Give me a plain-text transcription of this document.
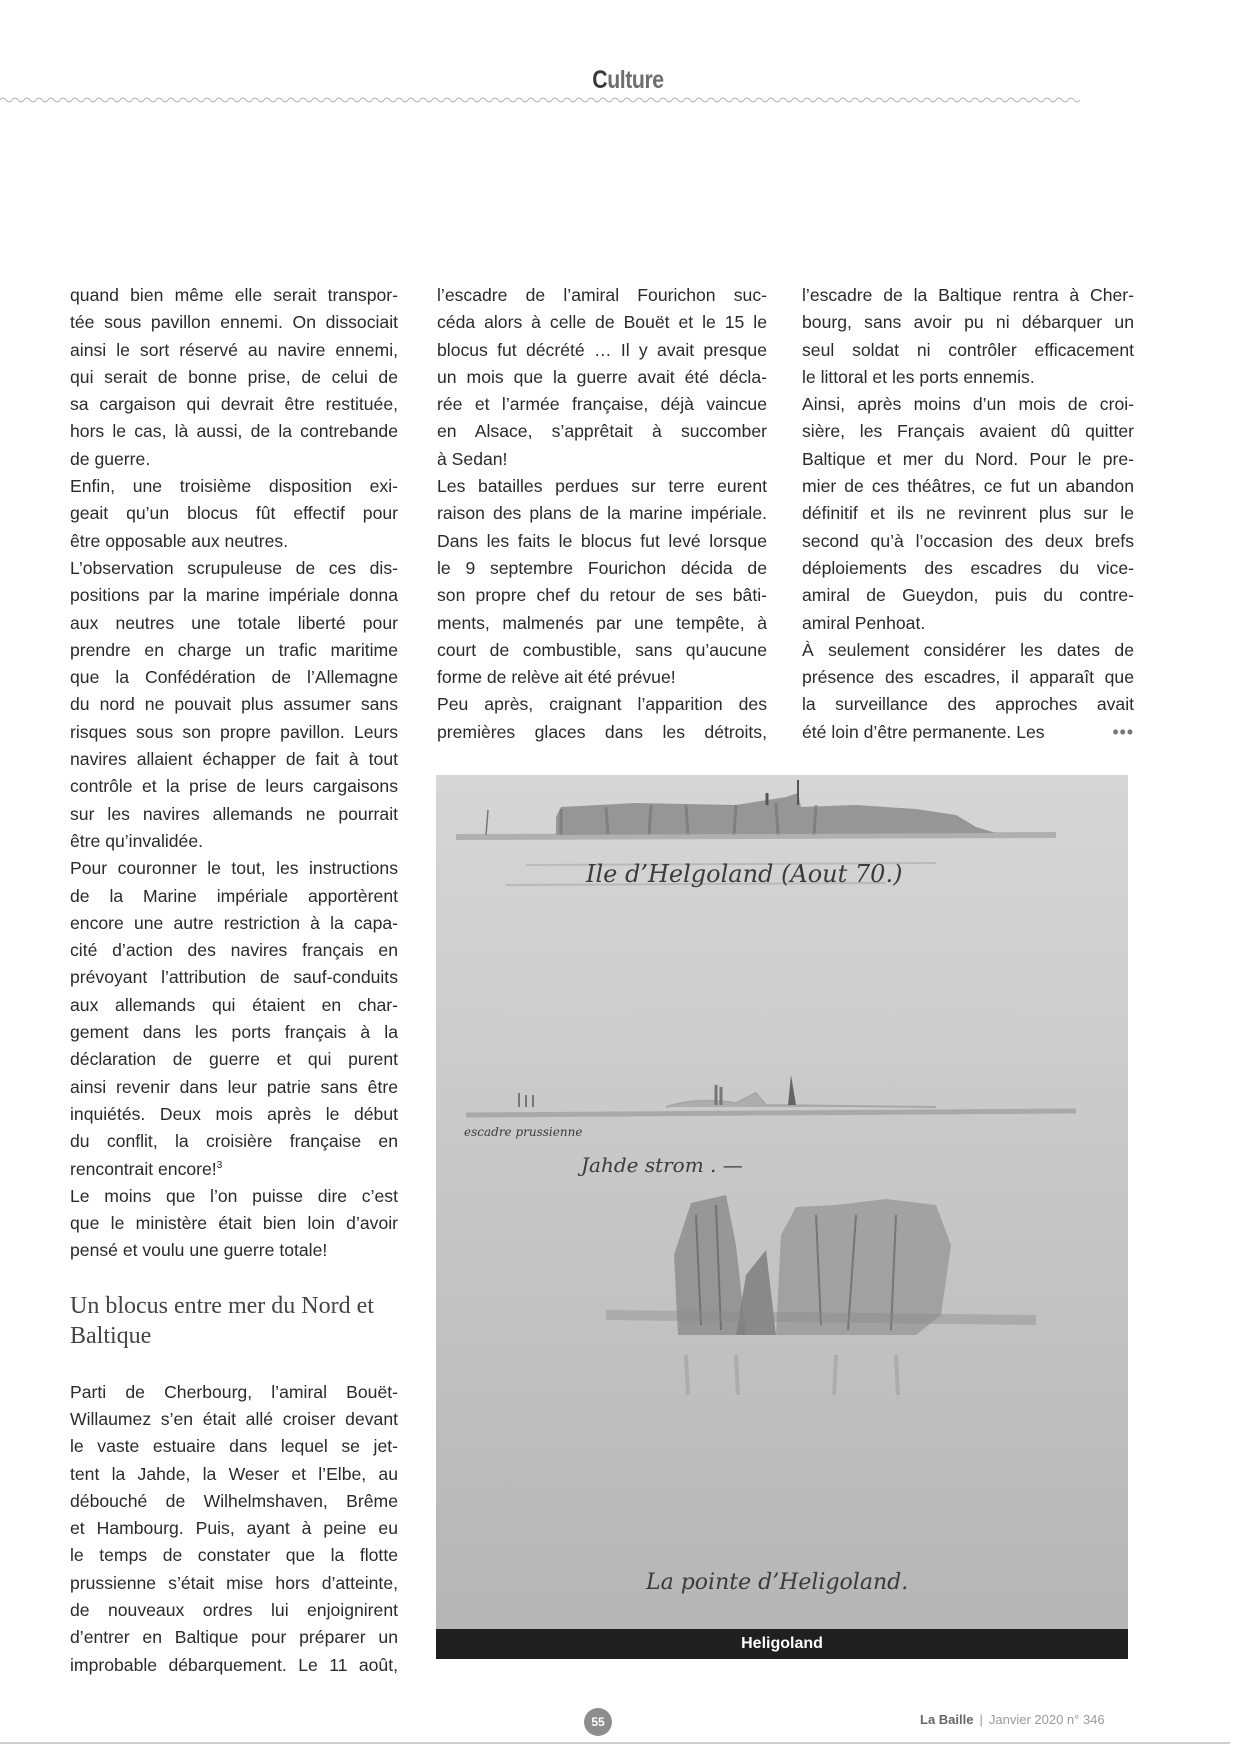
Culture

quand bien même elle serait transpor-
tée sous pavillon ennemi. On dissociait
ainsi le sort réservé au navire ennemi,
qui serait de bonne prise, de celui de
sa cargaison qui devrait être restituée,
hors le cas, là aussi, de la contrebande
de guerre.

Enfin, une troisième disposition exi-
geait qu’un blocus fût effectif pour
être opposable aux neutres.

L’observation scrupuleuse de ces dis-
positions par la marine impériale donna
aux neutres une totale liberté pour
prendre en charge un trafic maritime
que la Confédération de l’Allemagne
du nord ne pouvait plus assumer sans
risques sous son propre pavillon. Leurs
navires allaient échapper de fait à tout
contrôle et la prise de leurs cargaisons
sur les navires allemands ne pourrait
être qu’invalidée.

Pour couronner le tout, les instructions
de la Marine impériale apportèrent
encore une autre restriction à la capa-
cité d’action des navires français en
prévoyant l’attribution de sauf-conduits
aux allemands qui étaient en char-
gement dans les ports français à la
déclaration de guerre et qui purent
ainsi revenir dans leur patrie sans être
inquiétés. Deux mois après le début
du conflit, la croisière française en
rencontrait encore!$^3$

Le moins que l’on puisse dire c’est
que le ministère était bien loin d’avoir
pensé et voulu une guerre totale!

Un blocus entre mer du Nord et Baltique

Parti de Cherbourg, l’amiral Bouët-
Willaumez s’en était allé croiser devant
le vaste estuaire dans lequel se jet-
tent la Jahde, la Weser et l’Elbe, au
débouché de Wilhelmshaven, Brême
et Hambourg. Puis, ayant à peine eu
le temps de constater que la flotte
prussienne s’était mise hors d’atteinte,
de nouveaux ordres lui enjoignirent
d’entrer en Baltique pour préparer un
improbable débarquement. Le 11 août,

l’escadre de l’amiral Fourichon suc-
céda alors à celle de Bouët et le 15 le
blocus fut décrété … Il y avait presque
un mois que la guerre avait été décla-
rée et l’armée française, déjà vaincue
en Alsace, s’apprêtait à succomber
à Sedan!

Les batailles perdues sur terre eurent
raison des plans de la marine impériale.
Dans les faits le blocus fut levé lorsque
le 9 septembre Fourichon décida de
son propre chef du retour de ses bâti-
ments, malmenés par une tempête, à
court de combustible, sans qu’aucune
forme de relève ait été prévue!

Peu après, craignant l’apparition des
premières glaces dans les détroits,

l’escadre de la Baltique rentra à Cher-
bourg, sans avoir pu ni débarquer un
seul soldat ni contrôler efficacement
le littoral et les ports ennemis.

Ainsi, après moins d’un mois de croi-
sière, les Français avaient dû quitter
Baltique et mer du Nord. Pour le pre-
mier de ces théâtres, ce fut un abandon
définitif et ils ne revinrent plus sur le
second qu’à l’occasion des deux brefs
déploiements des escadres du vice-
amiral de Gueydon, puis du contre-
amiral Penhoat.

À seulement considérer les dates de
présence des escadres, il apparaît que
la surveillance des approches avait
été loin d’être permanente. Les	•••

Ile d’Helgoland (Aout 70.)
escadre prussienne
Jahde strom . —
La pointe d’Heligoland.
Heligoland
55	La Baille | Janvier 2020 n° 346
